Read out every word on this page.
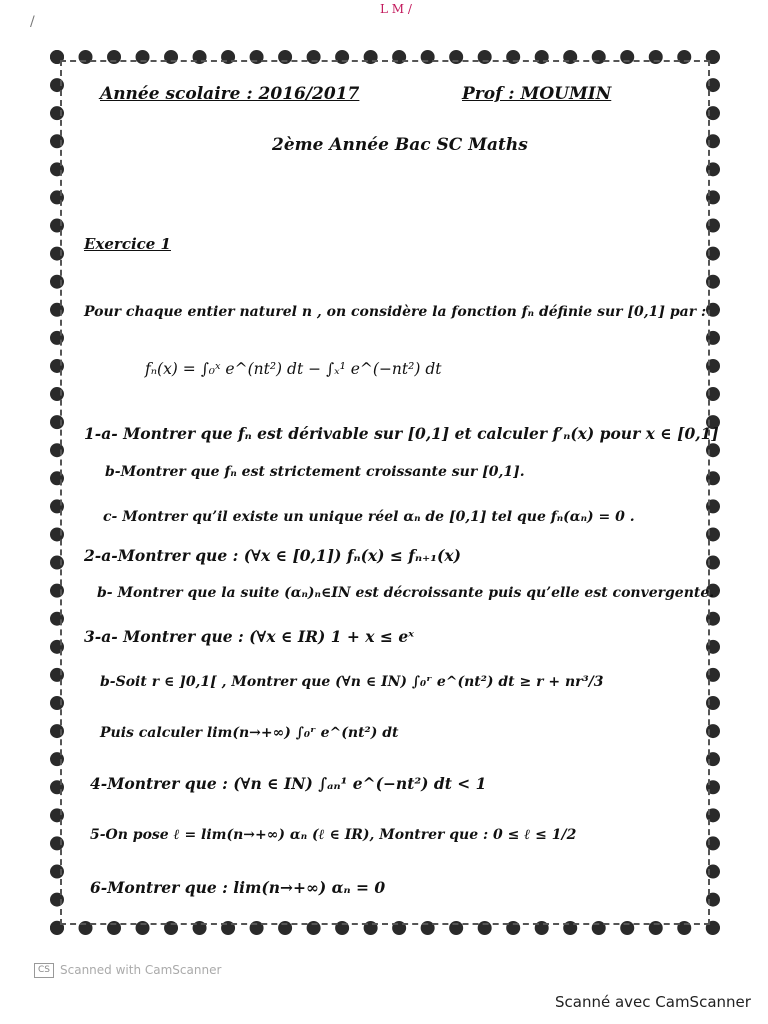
L M /
/
Année scolaire : 2016/2017	Prof : MOUMIN
2ème Année Bac SC Maths
Exercice 1
Pour chaque entier naturel n , on considère la fonction fₙ définie sur [0,1] par :
fₙ(x) = ∫₀ˣ e^(nt²) dt − ∫ₓ¹ e^(−nt²) dt
1-a- Montrer que fₙ est dérivable sur [0,1] et calculer f′ₙ(x) pour x ∈ [0,1]
b-Montrer que fₙ est strictement croissante sur [0,1].
c- Montrer qu’il existe un unique réel αₙ de [0,1] tel que fₙ(αₙ) = 0 .
2-a-Montrer que : (∀x ∈ [0,1]) fₙ(x) ≤ fₙ₊₁(x)
b- Montrer que la suite (αₙ)ₙ∈IN est décroissante puis qu’elle est convergente.
3-a- Montrer que : (∀x ∈ IR) 1 + x ≤ eˣ
b-Soit r ∈ ]0,1[ , Montrer que (∀n ∈ IN) ∫₀ʳ e^(nt²) dt ≥ r + nr³/3
Puis calculer lim(n→+∞) ∫₀ʳ e^(nt²) dt
4-Montrer que : (∀n ∈ IN) ∫ₐₙ¹ e^(−nt²) dt < 1
5-On pose ℓ = lim(n→+∞) αₙ (ℓ ∈ IR), Montrer que : 0 ≤ ℓ ≤ 1/2
6-Montrer que : lim(n→+∞) αₙ = 0
CS Scanned with CamScanner
Scanné avec CamScanner
